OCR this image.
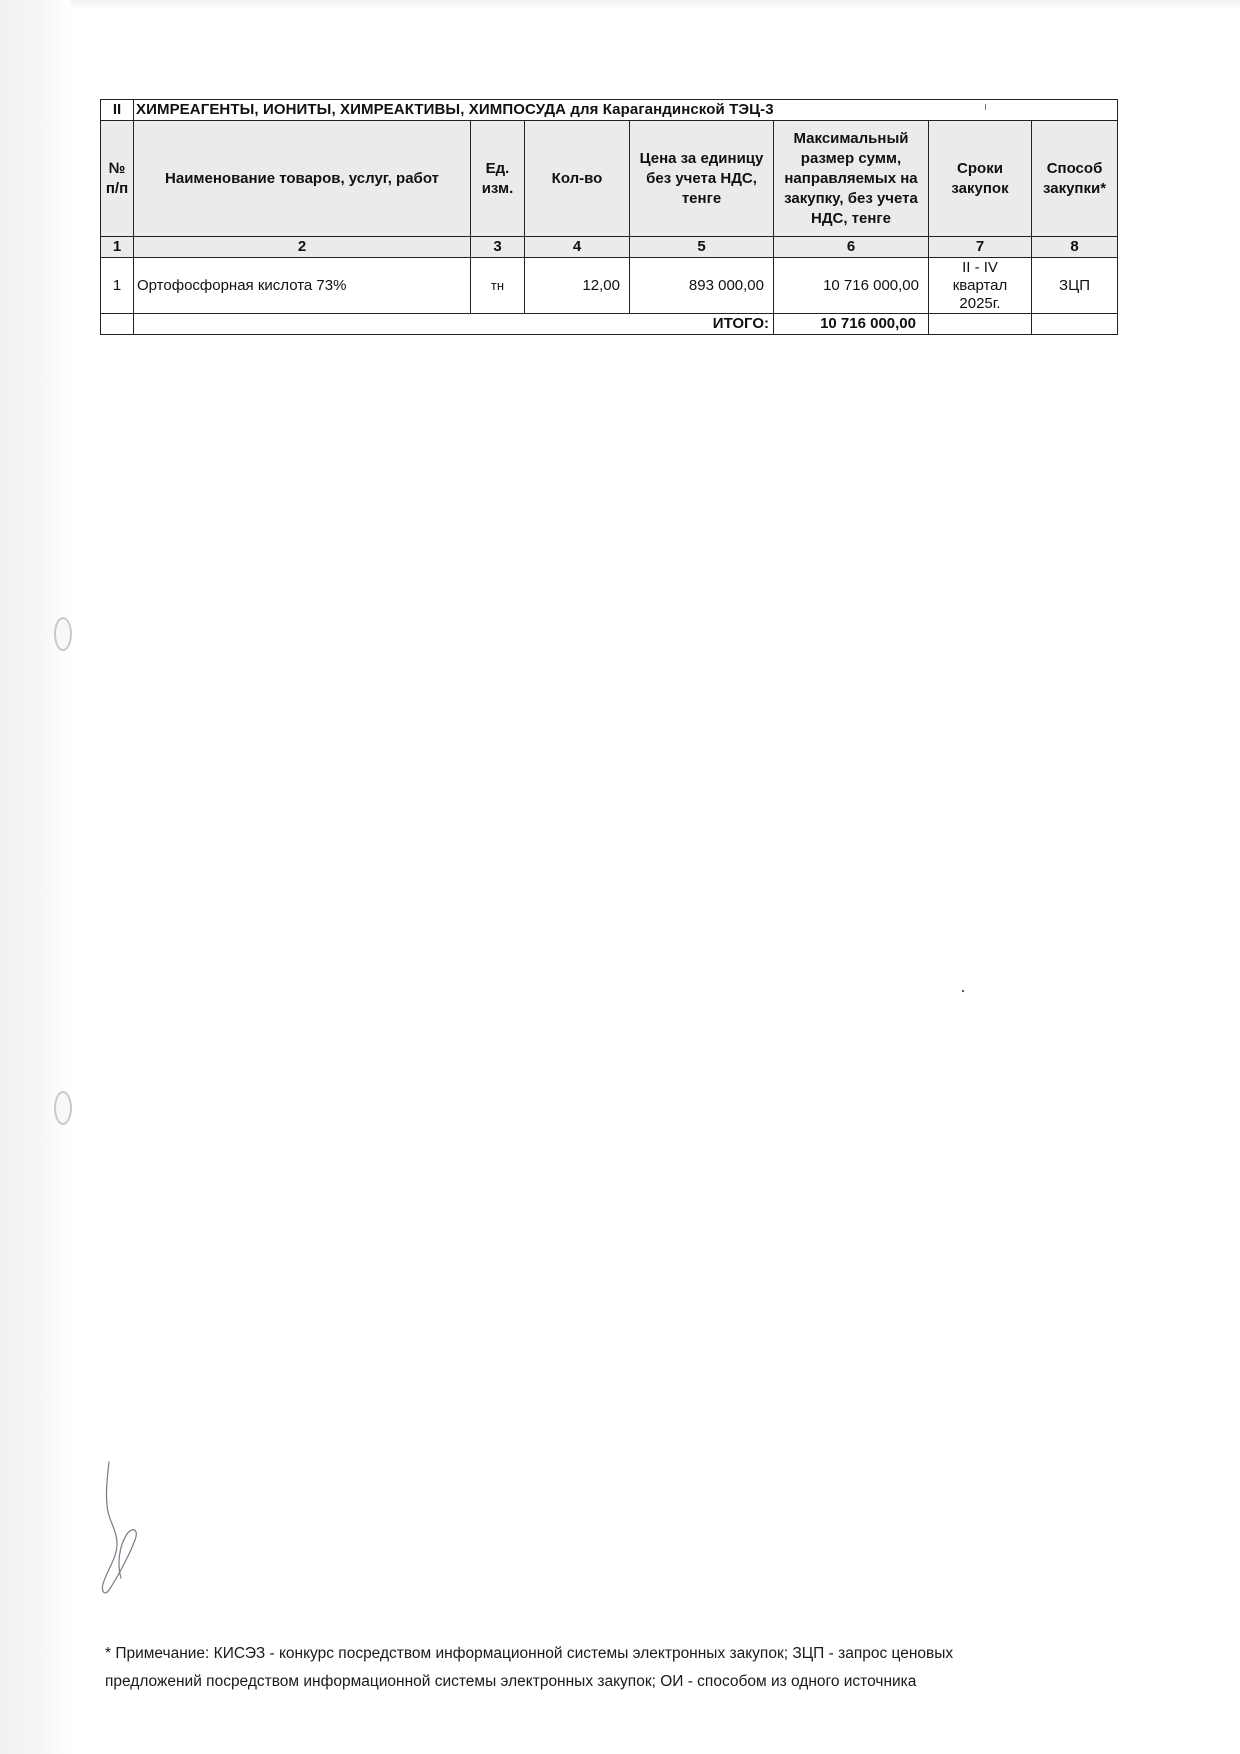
II	ХИМРЕАГЕНТЫ, ИОНИТЫ, ХИМРЕАКТИВЫ, ХИМПОСУДА для Карагандинской ТЭЦ-3						
№ п/п	Наименование товаров, услуг, работ	Ед. изм.	Кол-во	Цена за единицу без учета НДС, тенге	Максимальный размер сумм, направляемых на закупку, без учета НДС, тенге	Сроки закупок	Способ закупки*
1	2	3	4	5	6	7	8
1	Ортофосфорная кислота 73%	тн	12,00	893 000,00	10 716 000,00	II - IV квартал 2025г.	ЗЦП
	ИТОГО:				10 716 000,00		
* Примечание: КИСЭЗ - конкурс посредством информационной системы электронных закупок; ЗЦП - запрос ценовых предложений посредством информационной системы электронных закупок; ОИ - способом из одного источника
